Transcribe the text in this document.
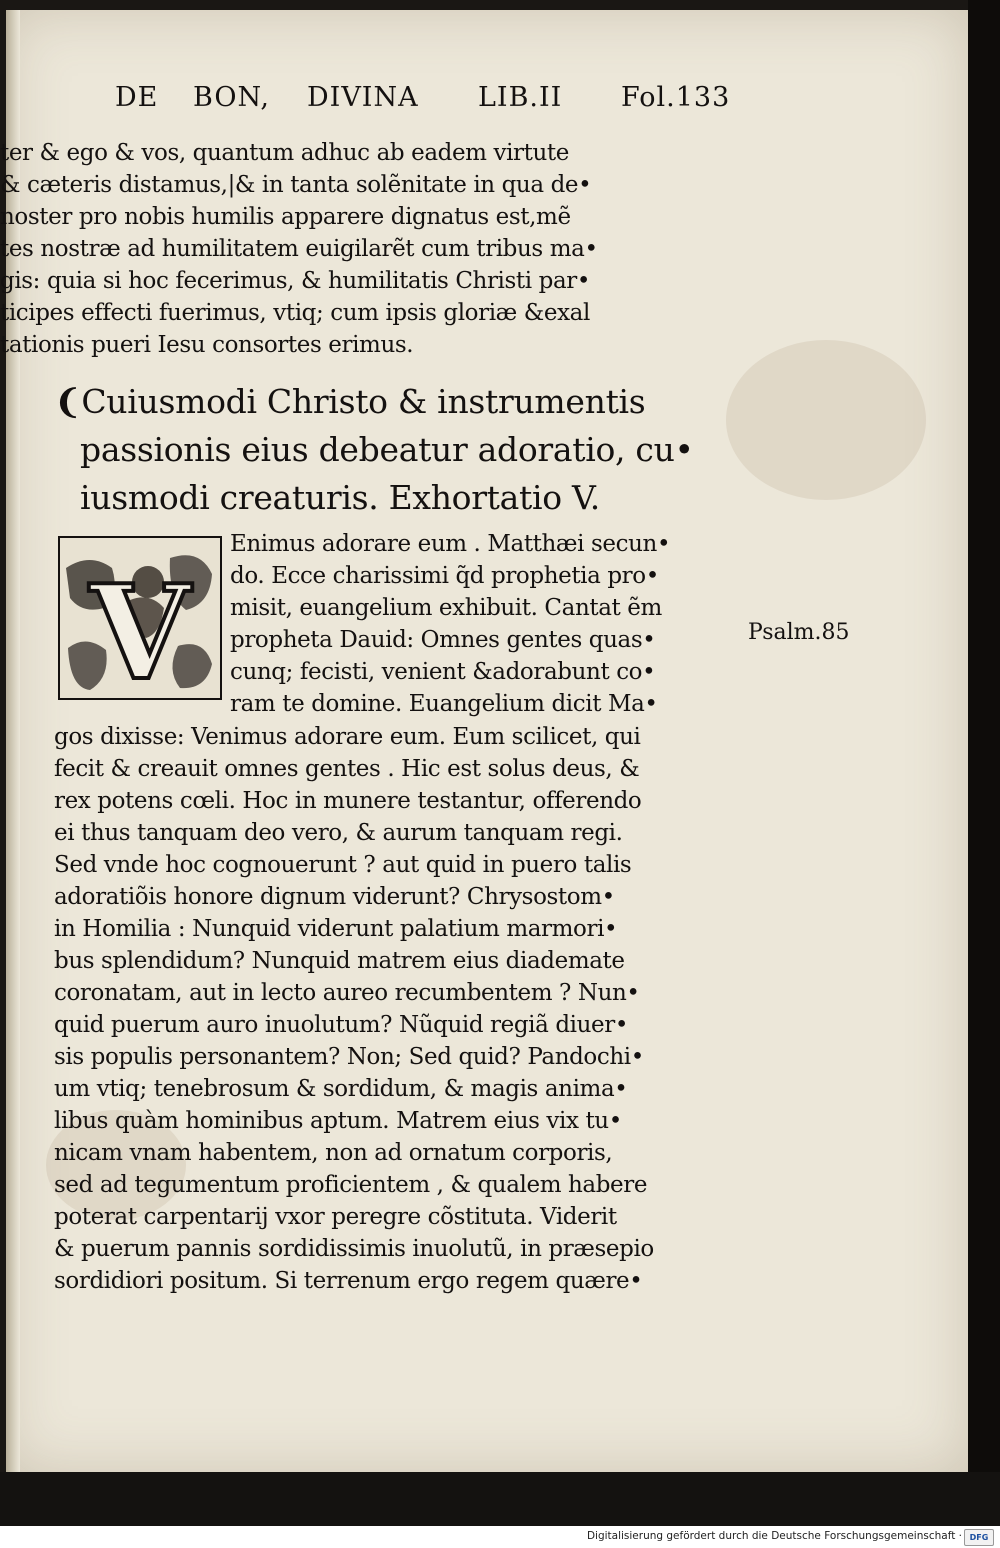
DE BON, DIVINA LIB.II Fol.133
ter & ego & vos, quantum adhuc ab eadem virtute
& cæteris distamus,|& in tanta solẽnitate in qua de•
noster pro nobis humilis apparere dignatus est,mẽ
tes nostræ ad humilitatem euigilarẽt cum tribus ma•
gis: quia si hoc fecerimus, & humilitatis Christi par•
ticipes effecti fuerimus, vtiq; cum ipsis gloriæ &exal
tationis pueri Iesu consortes erimus.
❨Cuiusmodi Christo & instrumentis
passionis eius debeatur adoratio, cu•
iusmodi creaturis. Exhortatio V.
V
Enimus adorare eum . Matthæi secun•
do. Ecce charissimi q̃d prophetia pro•
misit, euangelium exhibuit. Cantat ẽm
propheta Dauid: Omnes gentes quas•
cunq; fecisti, venient &adorabunt co•
ram te domine. Euangelium dicit Ma•
Psalm.85
gos dixisse: Venimus adorare eum. Eum scilicet, qui
fecit & creauit omnes gentes . Hic est solus deus, &
rex potens cœli. Hoc in munere testantur, offerendo
ei thus tanquam deo vero, & aurum tanquam regi.
Sed vnde hoc cognouerunt ? aut quid in puero talis
adoratiõis honore dignum viderunt? Chrysostom•
in Homilia : Nunquid viderunt palatium marmori•
bus splendidum? Nunquid matrem eius diademate
coronatam, aut in lecto aureo recumbentem ? Nun•
quid puerum auro inuolutum? Nũquid regiã diuer•
sis populis personantem? Non; Sed quid? Pandochi•
um vtiq; tenebrosum & sordidum, & magis anima•
libus quàm hominibus aptum. Matrem eius vix tu•
nicam vnam habentem, non ad ornatum corporis,
sed ad tegumentum proficientem , & qualem habere
poterat carpentarij vxor peregre cõstituta. Viderit
& puerum pannis sordidissimis inuolutũ, in præsepio
sordidiori positum. Si terrenum ergo regem quære•
Digitalisierung gefördert durch die Deutsche Forschungsgemeinschaft · DFG
